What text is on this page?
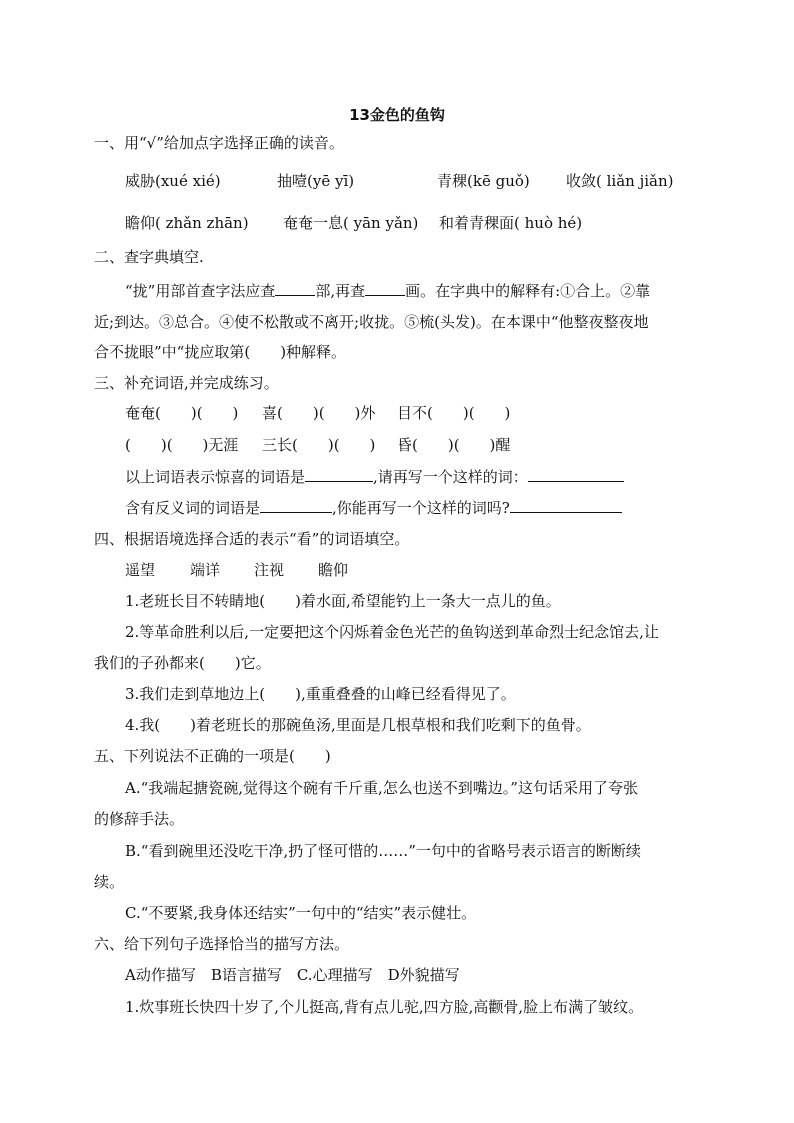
13金色的鱼钩
一、用“√”给加点字选择正确的读音。
威胁(xué xié)	抽噎(yē yī)	青稞(kē guǒ) 收敛( liǎn jiǎn)
瞻仰( zhǎn zhān) 奄奄一息( yān yǎn) 和着青稞面( huò hé)
二、查字典填空.
“拢”用部首查字法应查	部,再查	画。在字典中的解释有:①合上。②靠
近;到达。③总合。④使不松散或不离开;收拢。⑤梳(头发)。在本课中“他整夜整夜地
合不拢眼”中“拢应取第(　　)种解释。
三、补充词语,并完成练习。
奄奄(　　)(　　) 喜(　　)(　　)外 目不(　　)(　　)
(　　)(　　)无涯 三长(　　)(　　) 昏(　　)(　　)醒
以上词语表示惊喜的词语是	,请再写一个这样的词：
含有反义词的词语是	,你能再写一个这样的词吗?
四、根据语境选择合适的表示“看”的词语填空。
遥望 端详 注视 瞻仰
1.老班长目不转睛地(　　)着水面,希望能钓上一条大一点儿的鱼。
2.等革命胜利以后,一定要把这个闪烁着金色光芒的鱼钩送到革命烈士纪念馆去,让
我们的子孙都来(　　)它。
3.我们走到草地边上(　　),重重叠叠的山峰已经看得见了。
4.我(　　)着老班长的那碗鱼汤,里面是几根草根和我们吃剩下的鱼骨。
五、下列说法不正确的一项是(　　)
A.“我端起搪瓷碗,觉得这个碗有千斤重,怎么也送不到嘴边。”这句话采用了夸张
的修辞手法。
B.“看到碗里还没吃干净,扔了怪可惜的……”一句中的省略号表示语言的断断续
续。
C.“不要紧,我身体还结实”一句中的“结实”表示健壮。
六、给下列句子选择恰当的描写方法。
A动作描写　B语言描写　C.心理描写　D外貌描写
1.炊事班长快四十岁了,个儿挺高,背有点儿驼,四方脸,高颧骨,脸上布满了皱纹。
